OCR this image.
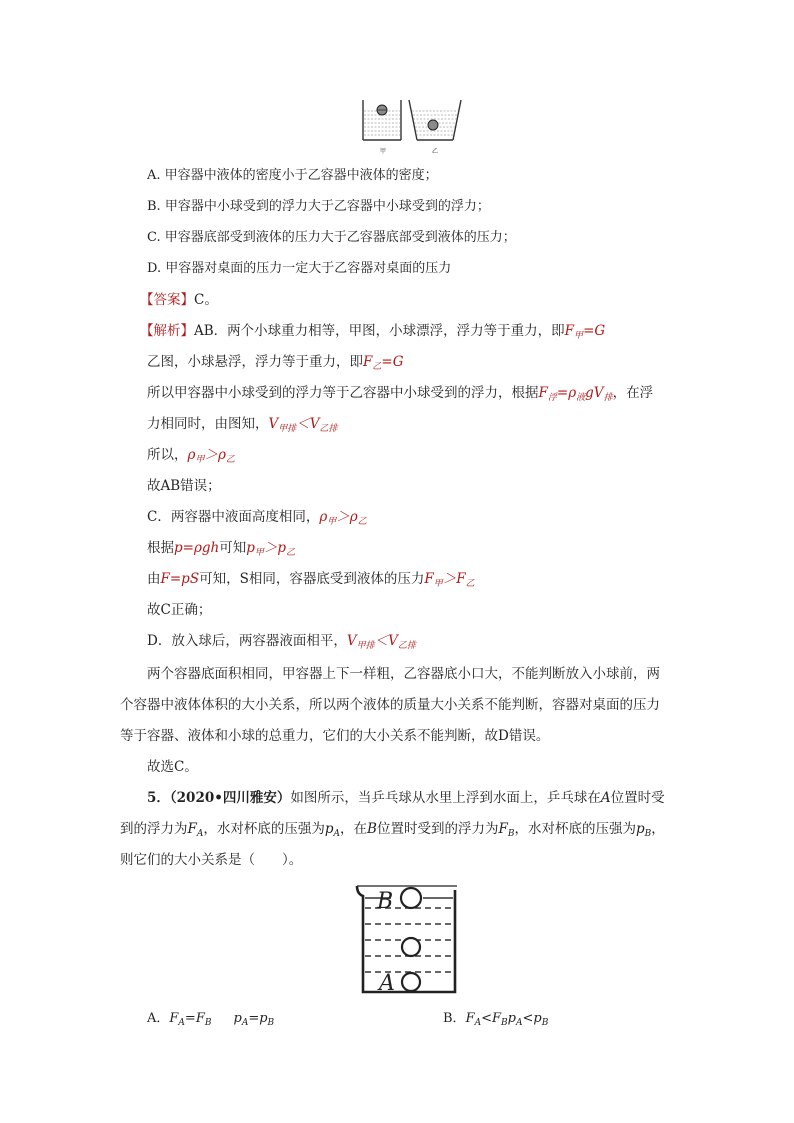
甲	乙
A. 甲容器中液体的密度小于乙容器中液体的密度；
B. 甲容器中小球受到的浮力大于乙容器中小球受到的浮力；
C. 甲容器底部受到液体的压力大于乙容器底部受到液体的压力；
D. 甲容器对桌面的压力一定大于乙容器对桌面的压力
【答案】C。
【解析】AB．两个小球重力相等，甲图，小球漂浮，浮力等于重力，即$F_甲=G$
乙图，小球悬浮，浮力等于重力，即$F_乙=G$
所以甲容器中小球受到的浮力等于乙容器中小球受到的浮力，根据$F_浮=\rho_液gV_排$，在浮
力相同时，由图知，$V_{甲排}<V_{乙排}$
所以，$\rho_甲>\rho_乙$
故AB错误；
C．两容器中液面高度相同，$\rho_甲>\rho_乙$
根据p=ρgh可知$p_甲>p_乙$
由F=pS可知，S相同，容器底受到液体的压力$F_甲>F_乙$
故C正确；
D．放入球后，两容器液面相平，$V_{甲排}<V_{乙排}$
两个容器底面积相同，甲容器上下一样粗，乙容器底小口大，不能判断放入小球前，两
个容器中液体体积的大小关系，所以两个液体的质量大小关系不能判断，容器对桌面的压力
等于容器、液体和小球的总重力，它们的大小关系不能判断，故D错误。
故选C。
5．（2020•四川雅安）如图所示，当乒乓球从水里上浮到水面上，乒乓球在A位置时受
到的浮力为$F_A$，水对杯底的压强为$p_A$，在B位置时受到的浮力为$F_B$，水对杯底的压强为$p_B$，
则它们的大小关系是（　　）。
B
A
A．$F_A=F_B$ $p_A=p_B$	B．$F_A<F_Bp_A<p_B$
